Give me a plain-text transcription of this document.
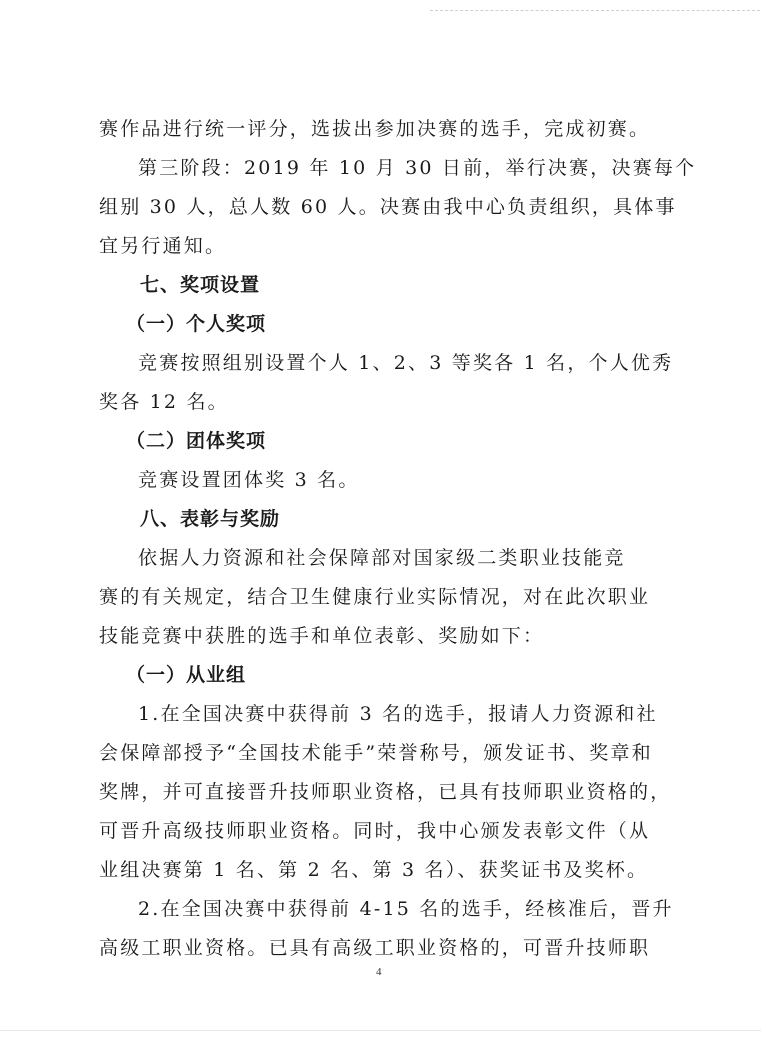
赛作品进行统一评分，选拔出参加决赛的选手，完成初赛。
第三阶段：2019 年 10 月 30 日前，举行决赛，决赛每个
组别 30 人，总人数 60 人。决赛由我中心负责组织，具体事
宜另行通知。
七、奖项设置
（一）个人奖项
竞赛按照组别设置个人 1、2、3 等奖各 1 名，个人优秀
奖各 12 名。
（二）团体奖项
竞赛设置团体奖 3 名。
八、表彰与奖励
依据人力资源和社会保障部对国家级二类职业技能竞
赛的有关规定，结合卫生健康行业实际情况，对在此次职业
技能竞赛中获胜的选手和单位表彰、奖励如下：
（一）从业组
1.在全国决赛中获得前 3 名的选手，报请人力资源和社
会保障部授予“全国技术能手”荣誉称号，颁发证书、奖章和
奖牌，并可直接晋升技师职业资格，已具有技师职业资格的，
可晋升高级技师职业资格。同时，我中心颁发表彰文件（从
业组决赛第 1 名、第 2 名、第 3 名）、获奖证书及奖杯。
2.在全国决赛中获得前 4-15 名的选手，经核准后，晋升
高级工职业资格。已具有高级工职业资格的，可晋升技师职
4
